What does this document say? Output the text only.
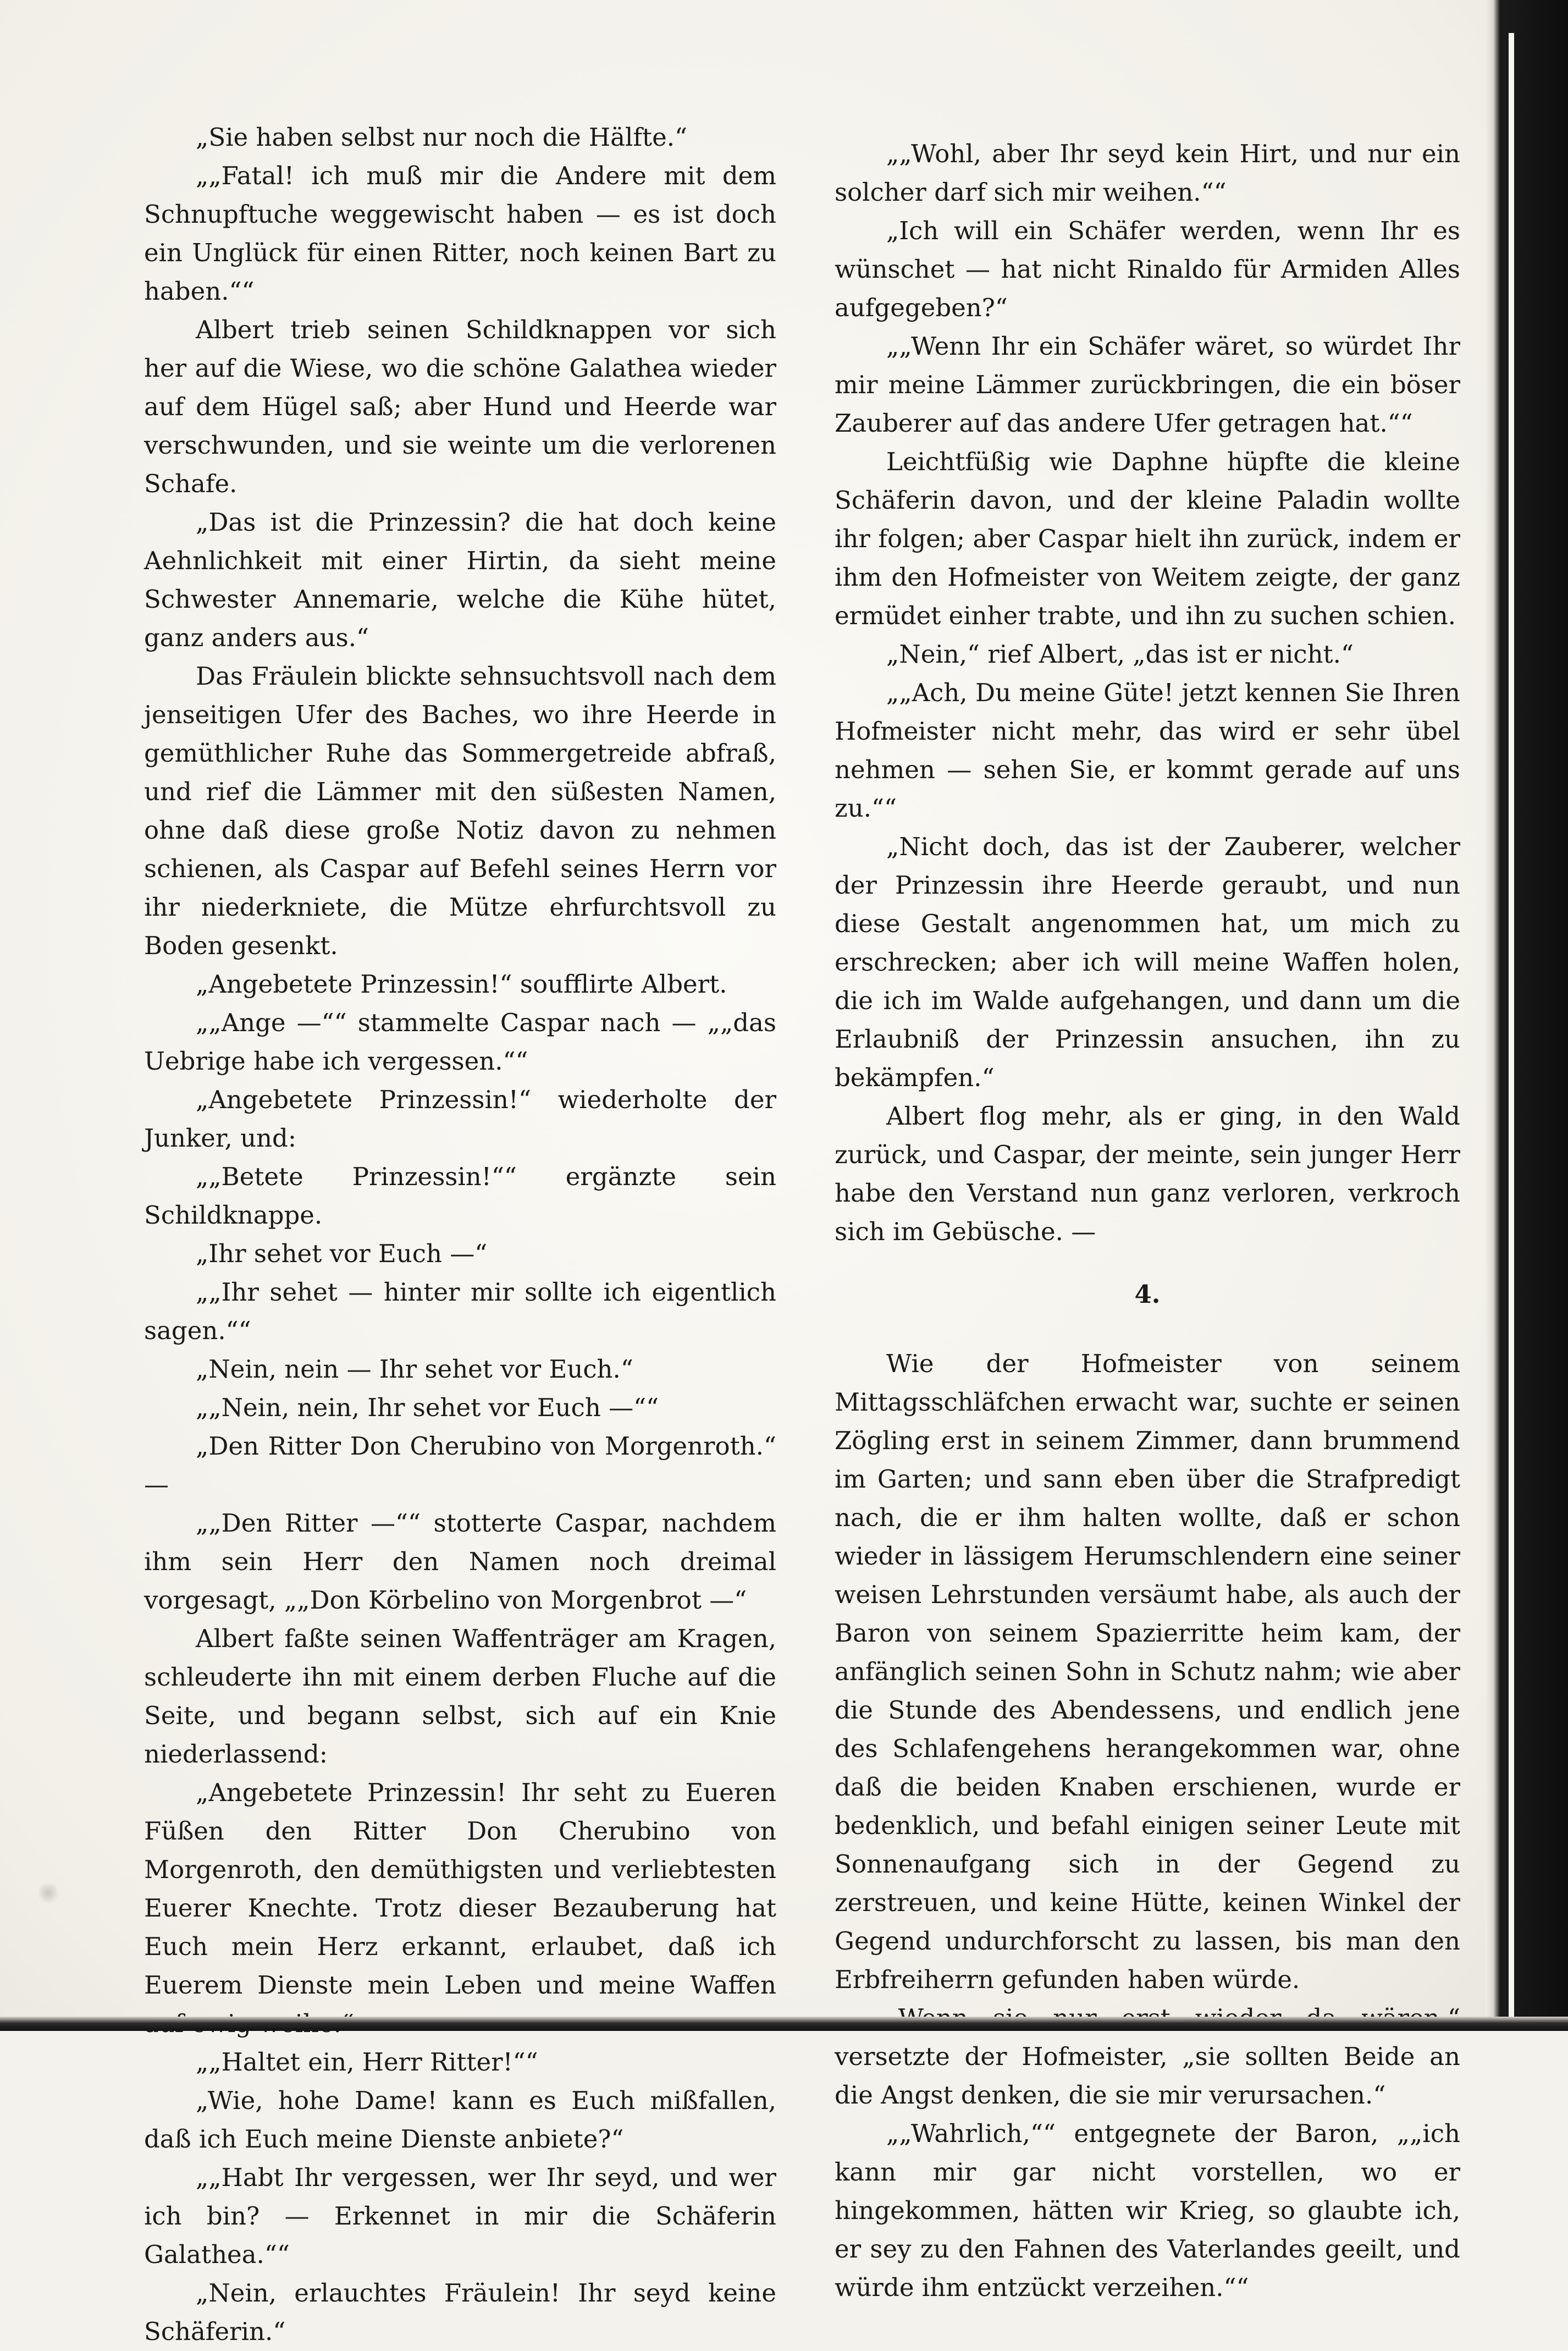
„Sie haben selbst nur noch die Hälfte.“

„„Fatal! ich muß mir die Andere mit dem Schnupftuche weggewischt haben — es ist doch ein Unglück für einen Ritter, noch keinen Bart zu haben.““

Albert trieb seinen Schildknappen vor sich her auf die Wiese, wo die schöne Galathea wieder auf dem Hügel saß; aber Hund und Heerde war verschwunden, und sie weinte um die verlorenen Schafe.

„Das ist die Prinzessin? die hat doch keine Aehnlichkeit mit einer Hirtin, da sieht meine Schwester Annemarie, welche die Kühe hütet, ganz anders aus.“

Das Fräulein blickte sehnsuchtsvoll nach dem jenseitigen Ufer des Baches, wo ihre Heerde in gemüthlicher Ruhe das Sommergetreide abfraß, und rief die Lämmer mit den süßesten Namen, ohne daß diese große Notiz davon zu nehmen schienen, als Caspar auf Befehl seines Herrn vor ihr niederkniete, die Mütze ehrfurchtsvoll zu Boden gesenkt.

„Angebetete Prinzessin!“ soufflirte Albert.

„„Ange —““ stammelte Caspar nach — „„das Uebrige habe ich vergessen.““

„Angebetete Prinzessin!“ wiederholte der Junker, und:

„„Betete Prinzessin!““ ergänzte sein Schildknappe.

„Ihr sehet vor Euch —“

„„Ihr sehet — hinter mir sollte ich eigentlich sagen.““

„Nein, nein — Ihr sehet vor Euch.“

„„Nein, nein, Ihr sehet vor Euch —““

„Den Ritter Don Cherubino von Morgenroth.“ —

„„Den Ritter —““ stotterte Caspar, nachdem ihm sein Herr den Namen noch dreimal vorgesagt, „„Don Körbelino von Morgenbrot —“

Albert faßte seinen Waffenträger am Kragen, schleuderte ihn mit einem derben Fluche auf die Seite, und begann selbst, sich auf ein Knie niederlassend:

„Angebetete Prinzessin! Ihr seht zu Eueren Füßen den Ritter Don Cherubino von Morgenroth, den demüthigsten und verliebtesten Euerer Knechte. Trotz dieser Bezauberung hat Euch mein Herz erkannt, erlaubet, daß ich Euerem Dienste mein Leben und meine Waffen

„„Haltet ein, Herr Ritter!““

„Wie, hohe Dame! kann es Euch mißfallen, daß ich Euch meine Dienste anbiete?“

„„Habt Ihr vergessen, wer Ihr seyd, und wer ich bin? — Erkennet in mir die Schäferin Galathea.““

„Nein, erlauchtes Fräulein! Ihr seyd keine Schäferin.“

„„Wohl, aber Ihr seyd kein Hirt, und nur ein solcher darf sich mir weihen.““

„Ich will ein Schäfer werden, wenn Ihr es wünschet — hat nicht Rinaldo für Armiden Alles aufgegeben?“

„„Wenn Ihr ein Schäfer wäret, so würdet Ihr mir meine Lämmer zurückbringen, die ein böser Zauberer auf das andere Ufer getragen hat.““

Leichtfüßig wie Daphne hüpfte die kleine Schäferin davon, und der kleine Paladin wollte ihr folgen; aber Caspar hielt ihn zurück, indem er ihm den Hofmeister von Weitem zeigte, der ganz ermüdet einher trabte, und ihn zu suchen schien.

„Nein,“ rief Albert, „das ist er nicht.“

„„Ach, Du meine Güte! jetzt kennen Sie Ihren Hofmeister nicht mehr, das wird er sehr übel nehmen — sehen Sie, er kommt gerade auf uns zu.““

„Nicht doch, das ist der Zauberer, welcher der Prinzessin ihre Heerde geraubt, und nun diese Gestalt angenommen hat, um mich zu erschrecken; aber ich will meine Waffen holen, die ich im Walde aufgehangen, und dann um die Erlaubniß der Prinzessin ansuchen, ihn zu bekämpfen.“

Albert flog mehr, als er ging, in den Wald zurück, und Caspar, der meinte, sein junger Herr habe den Verstand nun ganz verloren, verkroch sich im Gebüsche. —

4.

Wie der Hofmeister von seinem Mittagsschläfchen erwacht war, suchte er seinen Zögling erst in seinem Zimmer, dann brummend im Garten; und sann eben über die Strafpredigt nach, die er ihm halten wollte, daß er schon wieder in lässigem Herumschlendern eine seiner weisen Lehrstunden versäumt habe, als auch der Baron von seinem Spazierritte heim kam, der anfänglich seinen Sohn in Schutz nahm; wie aber die Stunde des Abendessens, und endlich jene des Schlafengehens herangekommen war, ohne daß die beiden Knaben erschienen, wurde er bedenklich, und befahl einigen seiner Leute mit Sonnenaufgang sich in der Gegend zu zerstreuen, und keine Hütte, keinen Winkel der Gegend undurchforscht zu lassen, bis man den Erbfreiherrn gefunden haben würde.

versetzte der Hofmeister, „sie sollten Beide an die Angst denken, die sie mir verursachen.“

„„Wahrlich,““ entgegnete der Baron, „„ich kann mir gar nicht vorstellen, wo er hingekommen, hätten wir Krieg, so glaubte ich, er sey zu den Fahnen des Vaterlandes geeilt, und würde ihm entzückt verzeihen.““
